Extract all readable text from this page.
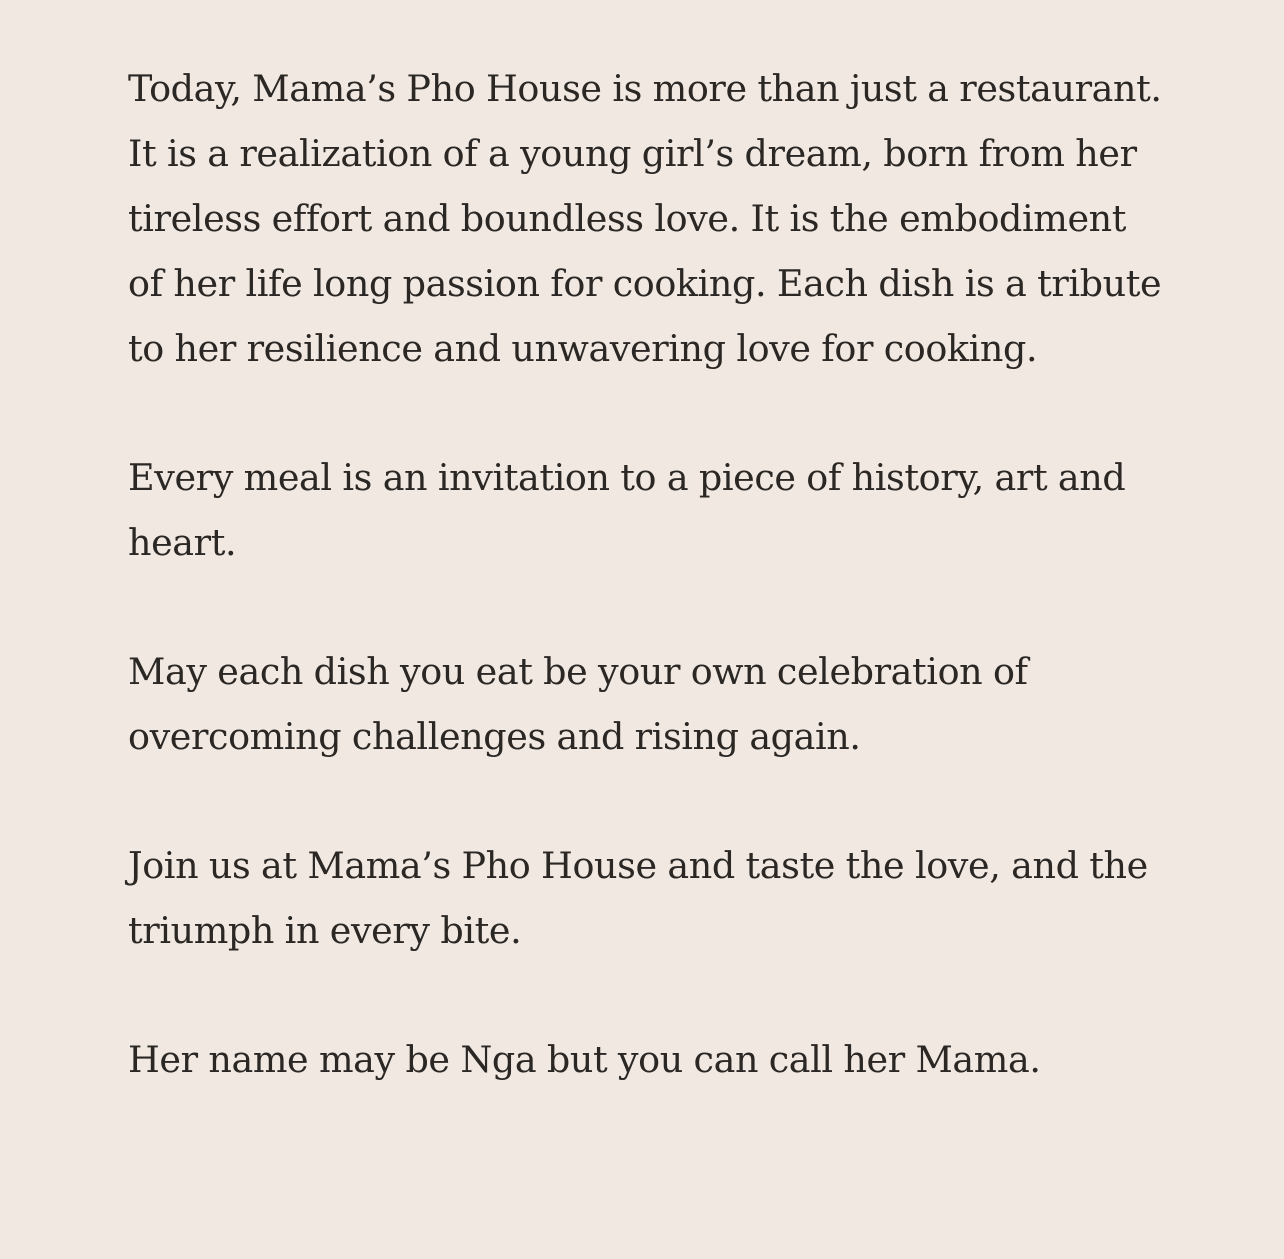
Today, Mama’s Pho House is more than just a restaurant. It is a realization of a young girl’s dream, born from her tireless effort and boundless love. It is the embodiment of her life long passion for cooking. Each dish is a tribute to her resilience and unwavering love for cooking.

Every meal is an invitation to a piece of history, art and heart.

May each dish you eat be your own celebration of overcoming challenges and rising again.

Join us at Mama’s Pho House and taste the love, and the triumph in every bite.

Her name may be Nga but you can call her Mama.
